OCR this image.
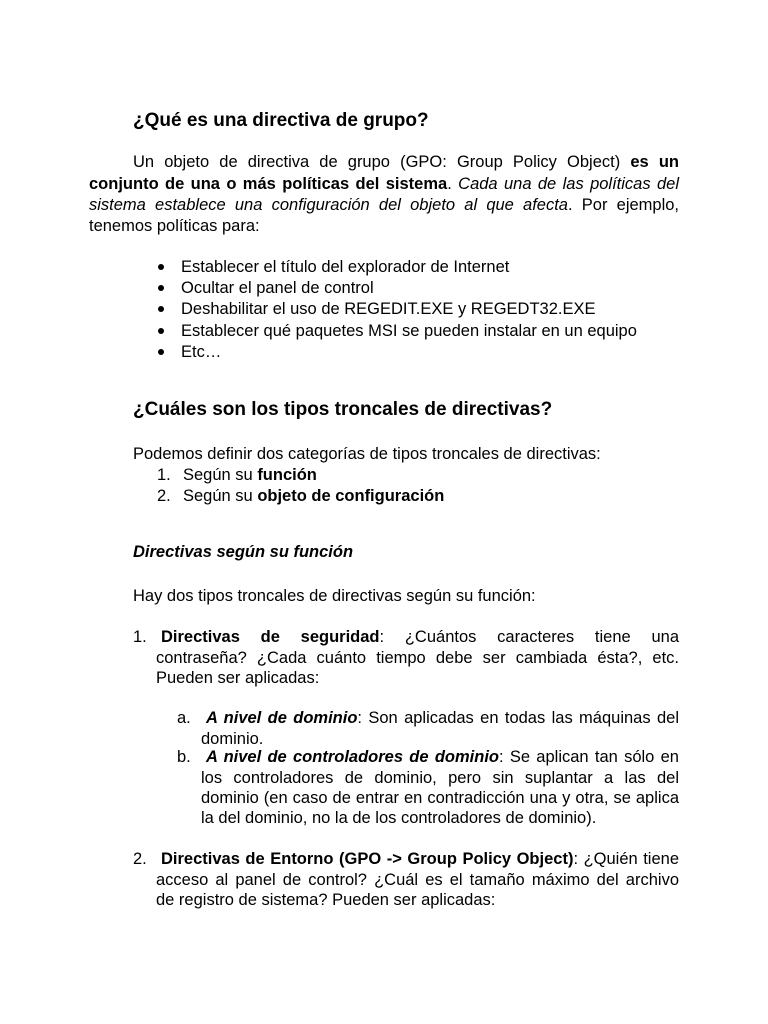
¿Qué es una directiva de grupo?
Un objeto de directiva de grupo (GPO: Group Policy Object) es un
conjunto de una o más políticas del sistema. Cada una de las políticas del
sistema establece una configuración del objeto al que afecta. Por ejemplo,
tenemos políticas para:
Establecer el título del explorador de Internet
Ocultar el panel de control
Deshabilitar el uso de REGEDIT.EXE y REGEDT32.EXE
Establecer qué paquetes MSI se pueden instalar en un equipo
Etc…
¿Cuáles son los tipos troncales de directivas?
Podemos definir dos categorías de tipos troncales de directivas:
1. Según su función
2. Según su objeto de configuración
Directivas según su función
Hay dos tipos troncales de directivas según su función:
1. Directivas de seguridad: ¿Cuántos caracteres tiene una
contraseña? ¿Cada cuánto tiempo debe ser cambiada ésta?, etc.
Pueden ser aplicadas:
a. A nivel de dominio: Son aplicadas en todas las máquinas del
dominio.
b. A nivel de controladores de dominio: Se aplican tan sólo en
los controladores de dominio, pero sin suplantar a las del
dominio (en caso de entrar en contradicción una y otra, se aplica
la del dominio, no la de los controladores de dominio).
2. Directivas de Entorno (GPO -> Group Policy Object): ¿Quién tiene
acceso al panel de control? ¿Cuál es el tamaño máximo del archivo
de registro de sistema? Pueden ser aplicadas:
